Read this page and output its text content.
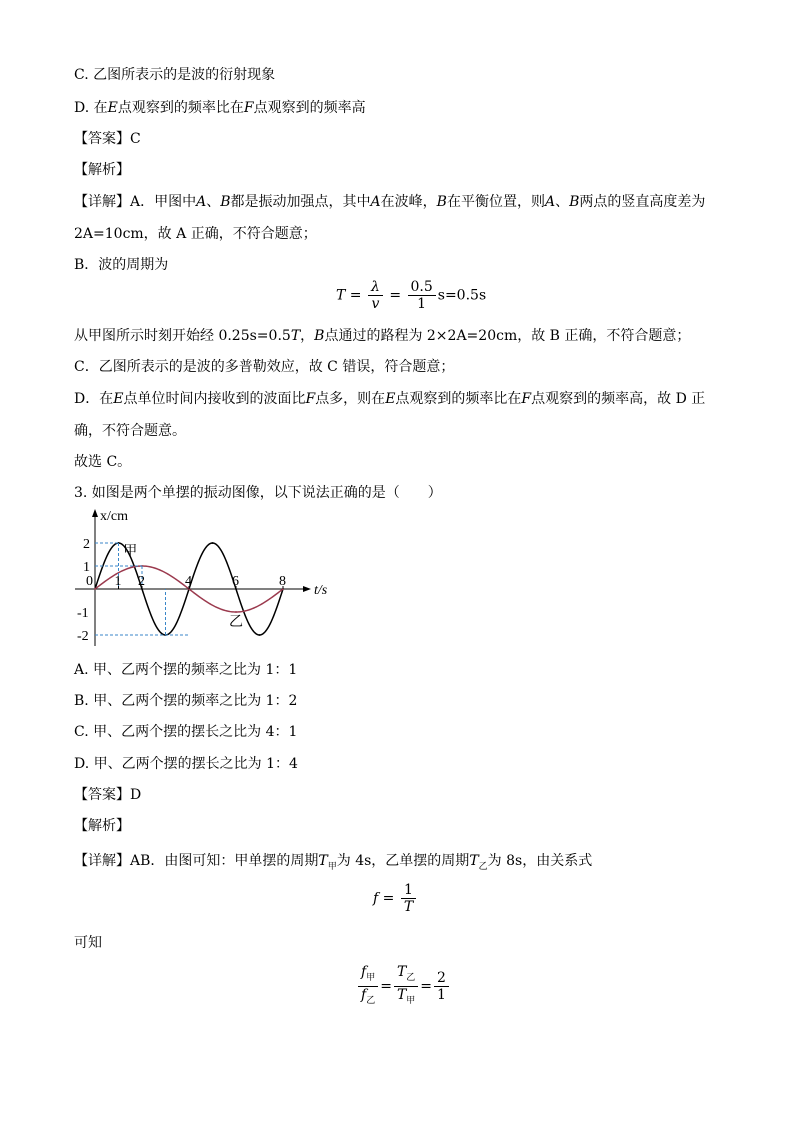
C. 乙图所表示的是波的衍射现象
D. 在E点观察到的频率比在F点观察到的频率高
【答案】C
【解析】
【详解】A．甲图中A、B都是振动加强点，其中A在波峰，B在平衡位置，则A、B两点的竖直高度差为
2A=10cm，故 A 正确，不符合题意；
B．波的周期为
$T = \frac{\lambda}{v} = \frac{0.5}{1} s=0.5s$
从甲图所示时刻开始经 0.25s=0.5T，B点通过的路程为 2×2A=20cm，故 B 正确，不符合题意；
C．乙图所表示的是波的多普勒效应，故 C 错误，符合题意；
D．在E点单位时间内接收到的波面比F点多，则在E点观察到的频率比在F点观察到的频率高，故 D 正
确，不符合题意。
故选 C。
3. 如图是两个单摆的振动图像，以下说法正确的是（　　）
x/cm
t/s
甲
乙
0 1 2	4	6	8
2
1
-1
-2
A. 甲、乙两个摆的频率之比为 1：1
B. 甲、乙两个摆的频率之比为 1：2
C. 甲、乙两个摆的摆长之比为 4：1
D. 甲、乙两个摆的摆长之比为 1：4
【答案】D
【解析】
【详解】AB．由图可知：甲单摆的周期$T_甲$为 4s，乙单摆的周期$T_乙$为 8s，由关系式
$f = \frac{1}{T}$
可知
$\frac{f_甲}{f_乙} = \frac{T_乙}{T_甲} = \frac{2}{1}$
